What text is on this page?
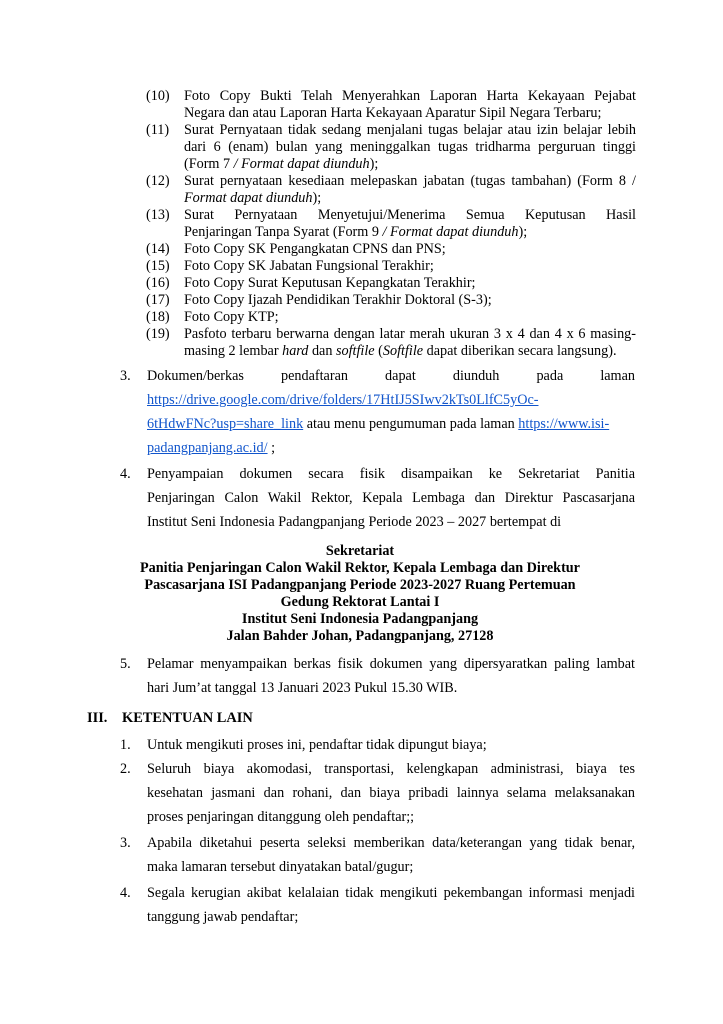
(10) Foto Copy Bukti Telah Menyerahkan Laporan Harta Kekayaan Pejabat
Negara dan atau Laporan Harta Kekayaan Aparatur Sipil Negara Terbaru;
(11) Surat Pernyataan tidak sedang menjalani tugas belajar atau izin belajar lebih
dari 6 (enam) bulan yang meninggalkan tugas tridharma perguruan tinggi
(Form 7 / Format dapat diunduh);
(12) Surat pernyataan kesediaan melepaskan jabatan (tugas tambahan) (Form 8 /
Format dapat diunduh);
(13) Surat Pernyataan Menyetujui/Menerima Semua Keputusan Hasil
Penjaringan Tanpa Syarat (Form 9 / Format dapat diunduh);
(14) Foto Copy SK Pengangkatan CPNS dan PNS;
(15) Foto Copy SK Jabatan Fungsional Terakhir;
(16) Foto Copy Surat Keputusan Kepangkatan Terakhir;
(17) Foto Copy Ijazah Pendidikan Terakhir Doktoral (S-3);
(18) Foto Copy KTP;
(19) Pasfoto terbaru berwarna dengan latar merah ukuran 3 x 4 dan 4 x 6 masing-
masing 2 lembar hard dan softfile (Softfile dapat diberikan secara langsung).
3. Dokumen/berkas pendaftaran dapat diunduh pada laman
https://drive.google.com/drive/folders/17HtIJ5SIwv2kTs0LlfC5yOc-
6tHdwFNc?usp=share_link atau menu pengumuman pada laman https://www.isi-
padangpanjang.ac.id/ ;
4. Penyampaian dokumen secara fisik disampaikan ke Sekretariat Panitia
Penjaringan Calon Wakil Rektor, Kepala Lembaga dan Direktur Pascasarjana
Institut Seni Indonesia Padangpanjang Periode 2023 – 2027 bertempat di
Sekretariat
Panitia Penjaringan Calon Wakil Rektor, Kepala Lembaga dan Direktur
Pascasarjana ISI Padangpanjang Periode 2023-2027 Ruang Pertemuan
Gedung Rektorat Lantai I
Institut Seni Indonesia Padangpanjang
Jalan Bahder Johan, Padangpanjang, 27128
5. Pelamar menyampaikan berkas fisik dokumen yang dipersyaratkan paling lambat
hari Jum’at tanggal 13 Januari 2023 Pukul 15.30 WIB.
III. KETENTUAN LAIN
1. Untuk mengikuti proses ini, pendaftar tidak dipungut biaya;
2. Seluruh biaya akomodasi, transportasi, kelengkapan administrasi, biaya tes
kesehatan jasmani dan rohani, dan biaya pribadi lainnya selama melaksanakan
proses penjaringan ditanggung oleh pendaftar;;
3. Apabila diketahui peserta seleksi memberikan data/keterangan yang tidak benar,
maka lamaran tersebut dinyatakan batal/gugur;
4. Segala kerugian akibat kelalaian tidak mengikuti pekembangan informasi menjadi
tanggung jawab pendaftar;
